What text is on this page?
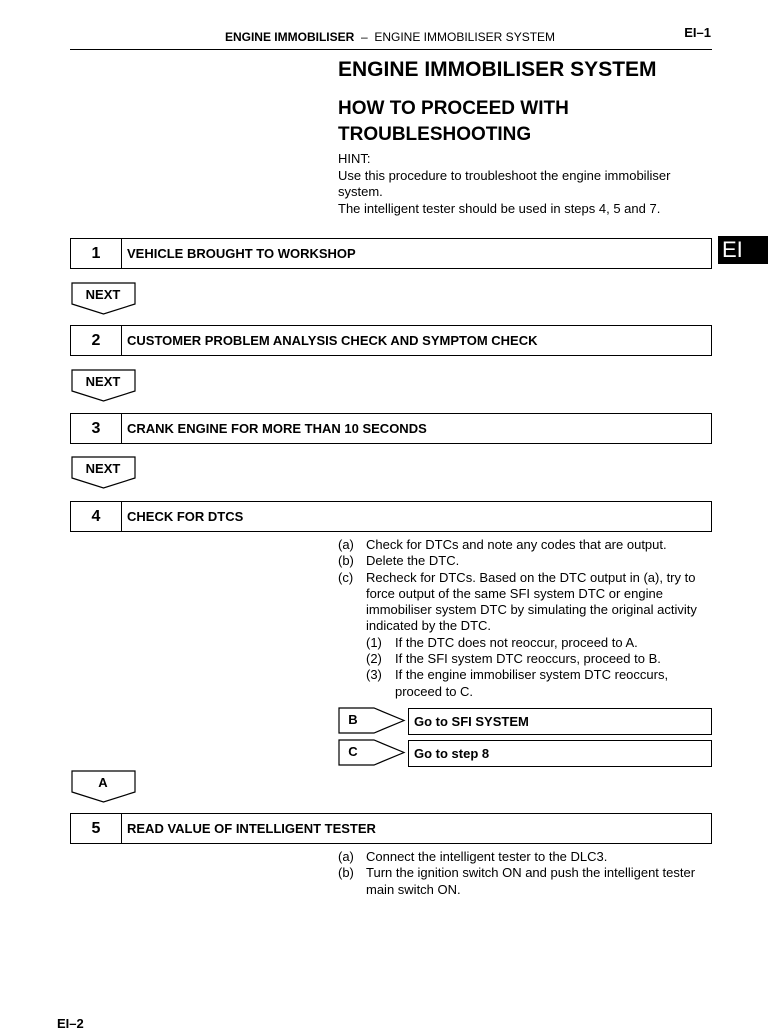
ENGINE IMMOBILISER – ENGINE IMMOBILISER SYSTEM	EI–1
ENGINE IMMOBILISER SYSTEM
HOW TO PROCEED WITH TROUBLESHOOTING
HINT:
Use this procedure to troubleshoot the engine immobiliser system.
The intelligent tester should be used in steps 4, 5 and 7.
EI
1	VEHICLE BROUGHT TO WORKSHOP
NEXT
2	CUSTOMER PROBLEM ANALYSIS CHECK AND SYMPTOM CHECK
NEXT
3	CRANK ENGINE FOR MORE THAN 10 SECONDS
NEXT
4	CHECK FOR DTCS
(a) Check for DTCs and note any codes that are output.
(b) Delete the DTC.
(c) Recheck for DTCs. Based on the DTC output in (a), try to force output of the same SFI system DTC or engine immobiliser system DTC by simulating the original activity indicated by the DTC.
(1)	If the DTC does not reoccur, proceed to A.
(2)	If the SFI system DTC reoccurs, proceed to B.
(3)	If the engine immobiliser system DTC reoccurs, proceed to C.
B	Go to SFI SYSTEM
C	Go to step 8
A
5	READ VALUE OF INTELLIGENT TESTER
(a) Connect the intelligent tester to the DLC3.
(b) Turn the ignition switch ON and push the intelligent tester main switch ON.
EI–2
